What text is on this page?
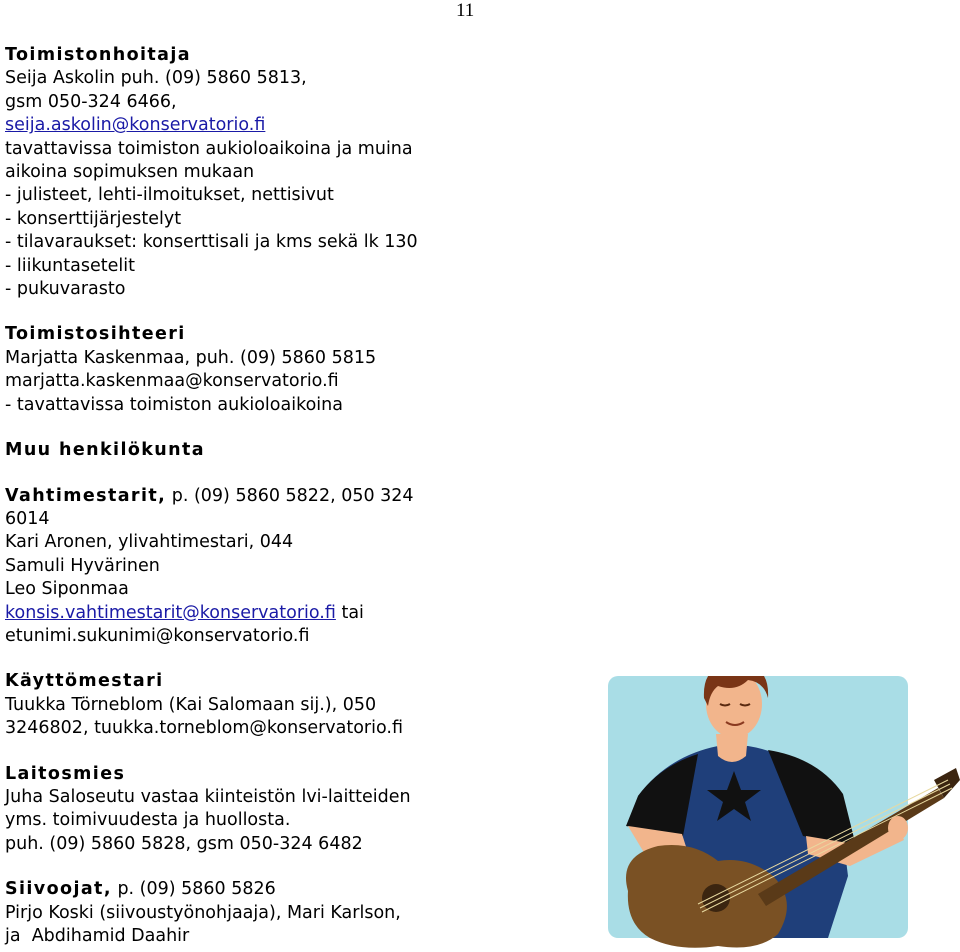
11
Toimistonhoitaja
Seija Askolin puh. (09) 5860 5813,
gsm 050-324 6466,
seija.askolin@konservatorio.fi
tavattavissa toimiston aukioloaikoina ja muina
aikoina sopimuksen mukaan
- julisteet, lehti-ilmoitukset, nettisivut
- konserttijärjestelyt
- tilavaraukset: konserttisali ja kms sekä lk 130
- liikuntasetelit
- pukuvarasto
Toimistosihteeri
Marjatta Kaskenmaa, puh. (09) 5860 5815
marjatta.kaskenmaa@konservatorio.fi
- tavattavissa toimiston aukioloaikoina
Muu henkilökunta
Vahtimestarit, p. (09) 5860 5822, 050 324
6014
Kari Aronen, ylivahtimestari, 044
Samuli Hyvärinen
Leo Siponmaa
konsis.vahtimestarit@konservatorio.fi tai
etunimi.sukunimi@konservatorio.fi
Käyttömestari
Tuukka Törneblom (Kai Salomaan sij.), 050
3246802, tuukka.torneblom@konservatorio.fi
Laitosmies
Juha Saloseutu vastaa kiinteistön lvi-laitteiden
yms. toimivuudesta ja huollosta.
puh. (09) 5860 5828, gsm 050-324 6482
Siivoojat, p. (09) 5860 5826
Pirjo Koski (siivoustyönohjaaja), Mari Karlson,
ja  Abdihamid Daahir
